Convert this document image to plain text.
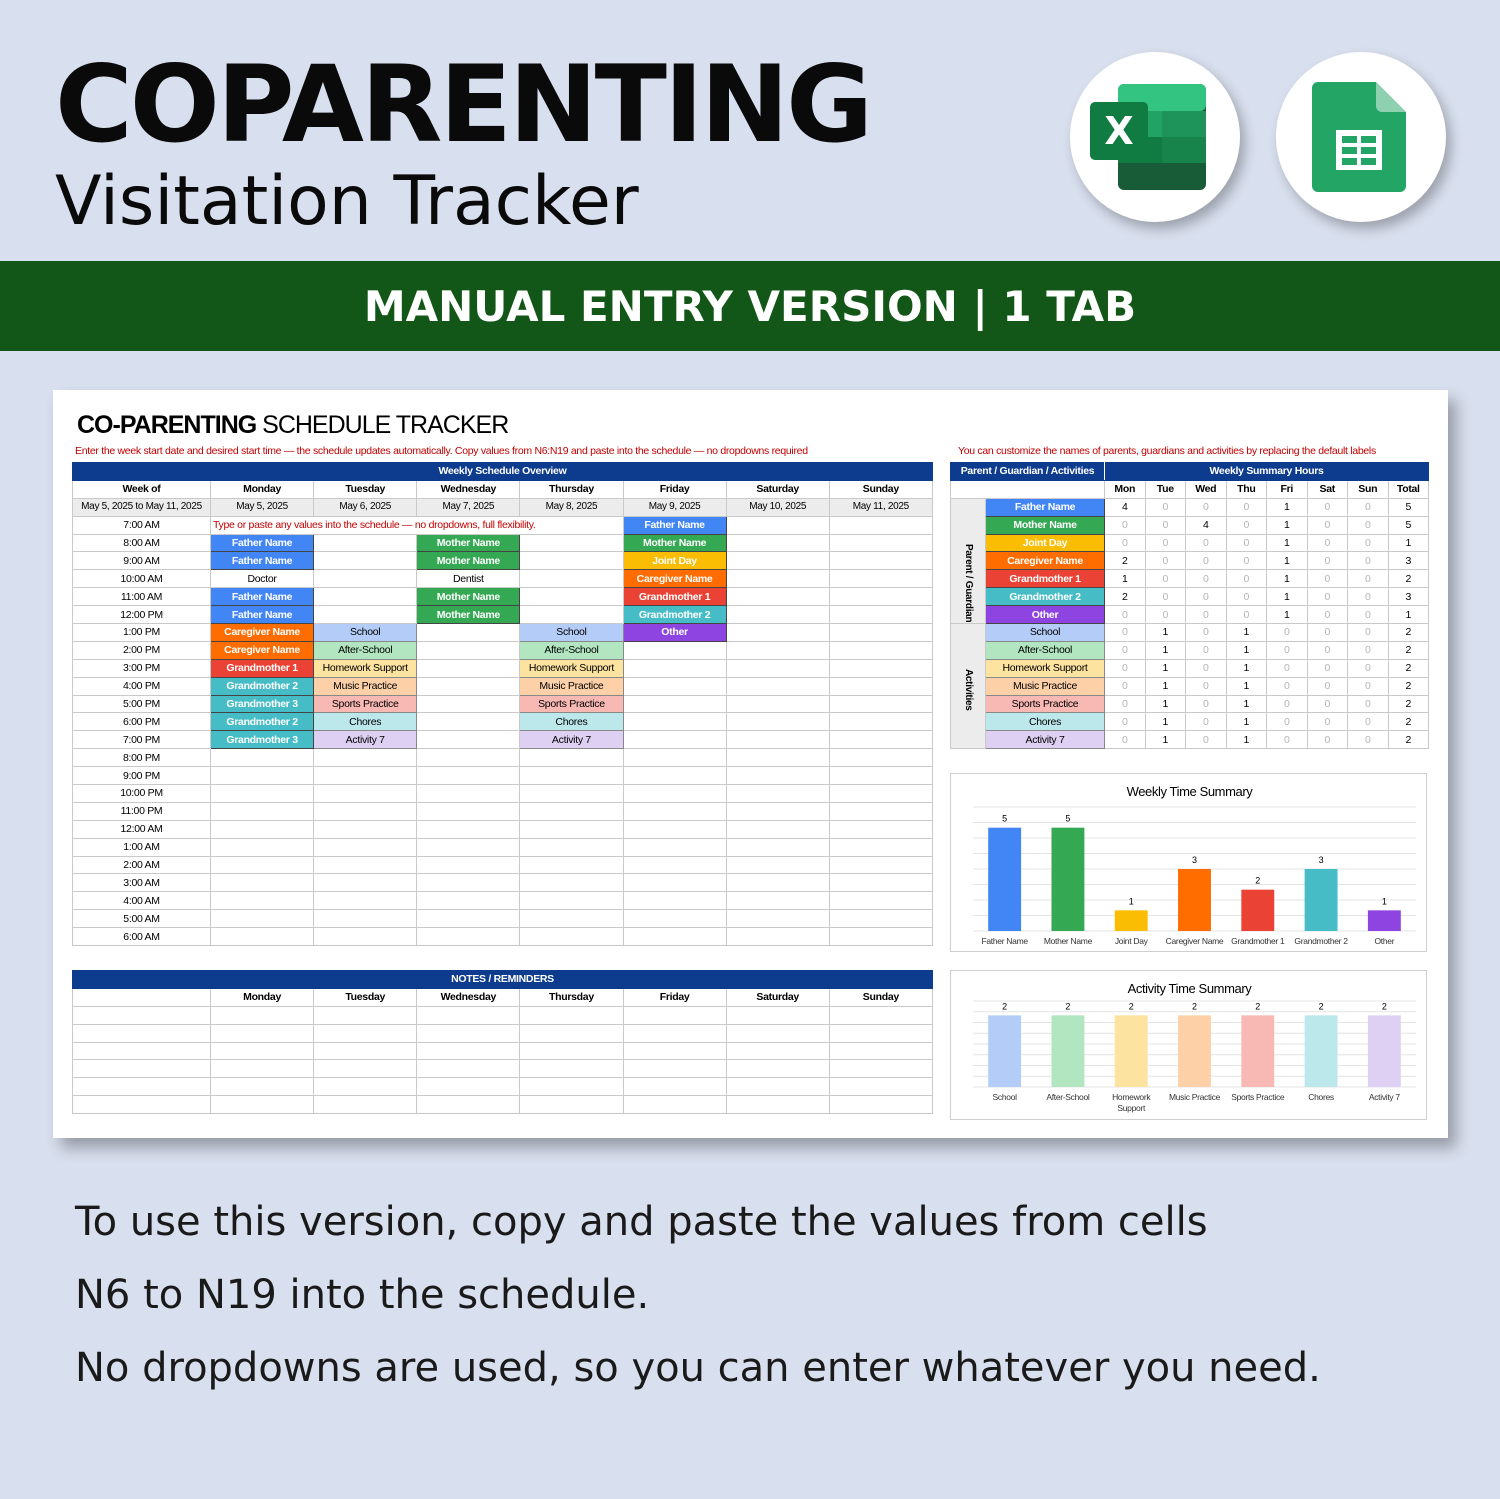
COPARENTING
Visitation Tracker
X
MANUAL ENTRY VERSION | 1 TAB
CO-PARENTING SCHEDULE TRACKER
Enter the week start date and desired start time — the schedule updates automatically. Copy values from N6:N19 and paste into the schedule — no dropdowns required	You can customize the names of parents, guardians and activities by replacing the default labels
Weekly Schedule Overview							
Week of	Monday	Tuesday	Wednesday	Thursday	Friday	Saturday	Sunday
May 5, 2025 to May 11, 2025	May 5, 2025	May 6, 2025	May 7, 2025	May 8, 2025	May 9, 2025	May 10, 2025	May 11, 2025
7:00 AM	Type or paste any values into the schedule — no dropdowns, full flexibility.				Father Name		
8:00 AM	Father Name		Mother Name		Mother Name		
9:00 AM	Father Name		Mother Name		Joint Day		
10:00 AM	Doctor		Dentist		Caregiver Name		
11:00 AM	Father Name		Mother Name		Grandmother 1		
12:00 PM	Father Name		Mother Name		Grandmother 2		
1:00 PM	Caregiver Name	School		School	Other		
2:00 PM	Caregiver Name	After-School		After-School			
3:00 PM	Grandmother 1	Homework Support		Homework Support			
4:00 PM	Grandmother 2	Music Practice		Music Practice			
5:00 PM	Grandmother 3	Sports Practice		Sports Practice			
6:00 PM	Grandmother 2	Chores		Chores			
7:00 PM	Grandmother 3	Activity 7		Activity 7			
8:00 PM							
9:00 PM							
10:00 PM							
11:00 PM							
12:00 AM							
1:00 AM							
2:00 AM							
3:00 AM							
4:00 AM							
5:00 AM							
6:00 AM							
NOTES / REMINDERS							
	Monday	Tuesday	Wednesday	Thursday	Friday	Saturday	Sunday

Parent / Guardian / Activities		Weekly Summary Hours							
		Mon	Tue	Wed	Thu	Fri	Sat	Sun	Total

Parent / Guardian	Father Name	4	0	0	0	1	0	0	5
	Mother Name	0	0	4	0	1	0	0	5
	Joint Day	0	0	0	0	1	0	0	1
	Caregiver Name	2	0	0	0	1	0	0	3
	Grandmother 1	1	0	0	0	1	0	0	2
	Grandmother 2	2	0	0	0	1	0	0	3
	Other	0	0	0	0	1	0	0	1

Activities	School	0	1	0	1	0	0	0	2
	After-School	0	1	0	1	0	0	0	2
	Homework Support	0	1	0	1	0	0	0	2
	Music Practice	0	1	0	1	0	0	0	2
	Sports Practice	0	1	0	1	0	0	0	2
	Chores	0	1	0	1	0	0	0	2
	Activity 7	0	1	0	1	0	0	0	2
Weekly Time Summary
5
Father Name
5
Mother Name
1
Joint Day
3
Caregiver Name
2
Grandmother 1
3
Grandmother 2
1
Other
Activity Time Summary
2
School
2
After-School
2
Homework Support
2
Music Practice
2
Sports Practice
2
Chores
2
Activity 7
To use this version, copy and paste the values from cells
N6 to N19 into the schedule.
No dropdowns are used, so you can enter whatever you need.
